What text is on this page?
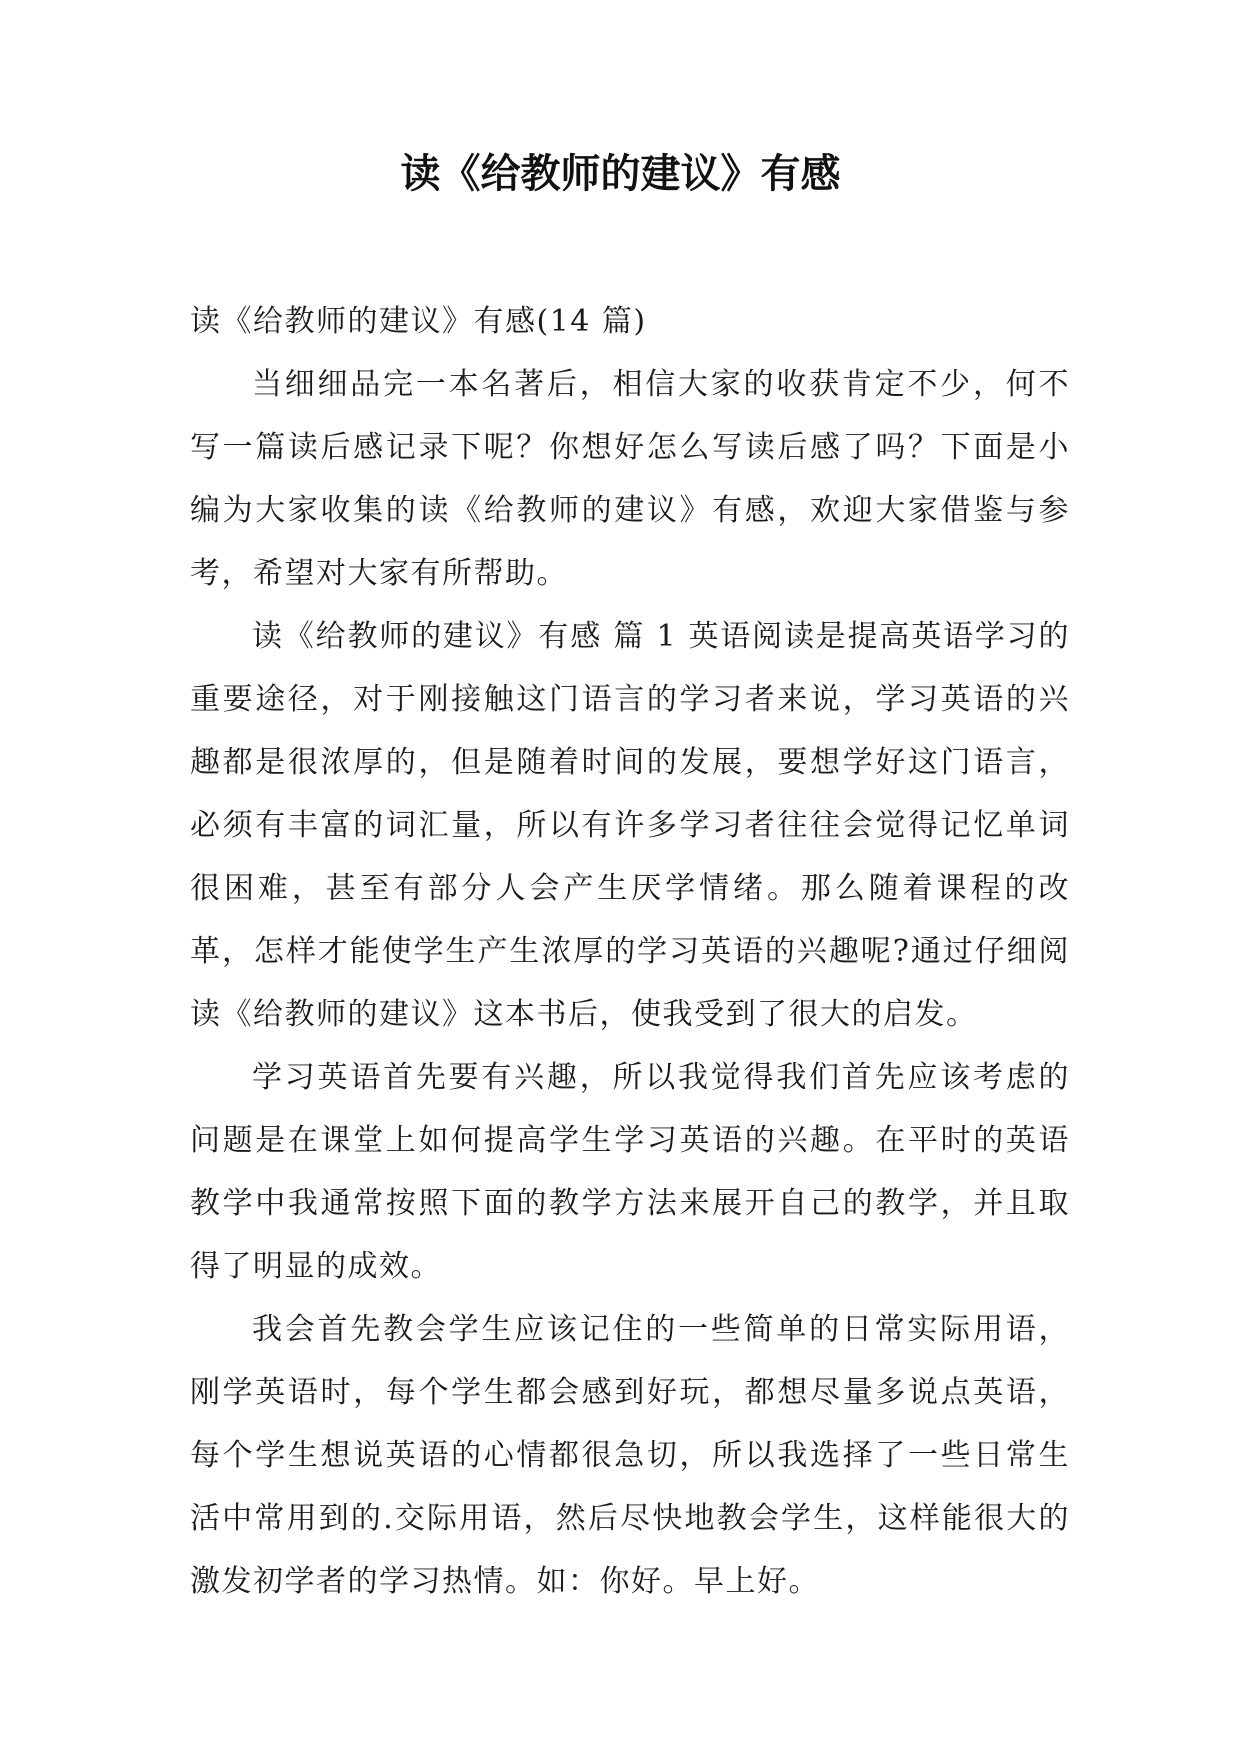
读《给教师的建议》有感

读《给教师的建议》有感(14 篇)

当细细品完一本名著后，相信大家的收获肯定不少，何不写一篇读后感记录下呢？你想好怎么写读后感了吗？下面是小编为大家收集的读《给教师的建议》有感，欢迎大家借鉴与参考，希望对大家有所帮助。

读《给教师的建议》有感 篇 1 英语阅读是提高英语学习的重要途径，对于刚接触这门语言的学习者来说，学习英语的兴趣都是很浓厚的，但是随着时间的发展，要想学好这门语言，必须有丰富的词汇量，所以有许多学习者往往会觉得记忆单词很困难，甚至有部分人会产生厌学情绪。那么随着课程的改革，怎样才能使学生产生浓厚的学习英语的兴趣呢?通过仔细阅读《给教师的建议》这本书后，使我受到了很大的启发。

学习英语首先要有兴趣，所以我觉得我们首先应该考虑的问题是在课堂上如何提高学生学习英语的兴趣。在平时的英语教学中我通常按照下面的教学方法来展开自己的教学，并且取得了明显的成效。

我会首先教会学生应该记住的一些简单的日常实际用语，刚学英语时，每个学生都会感到好玩，都想尽量多说点英语，每个学生想说英语的心情都很急切，所以我选择了一些日常生活中常用到的.交际用语，然后尽快地教会学生，这样能很大的激发初学者的学习热情。如：你好。早上好。
